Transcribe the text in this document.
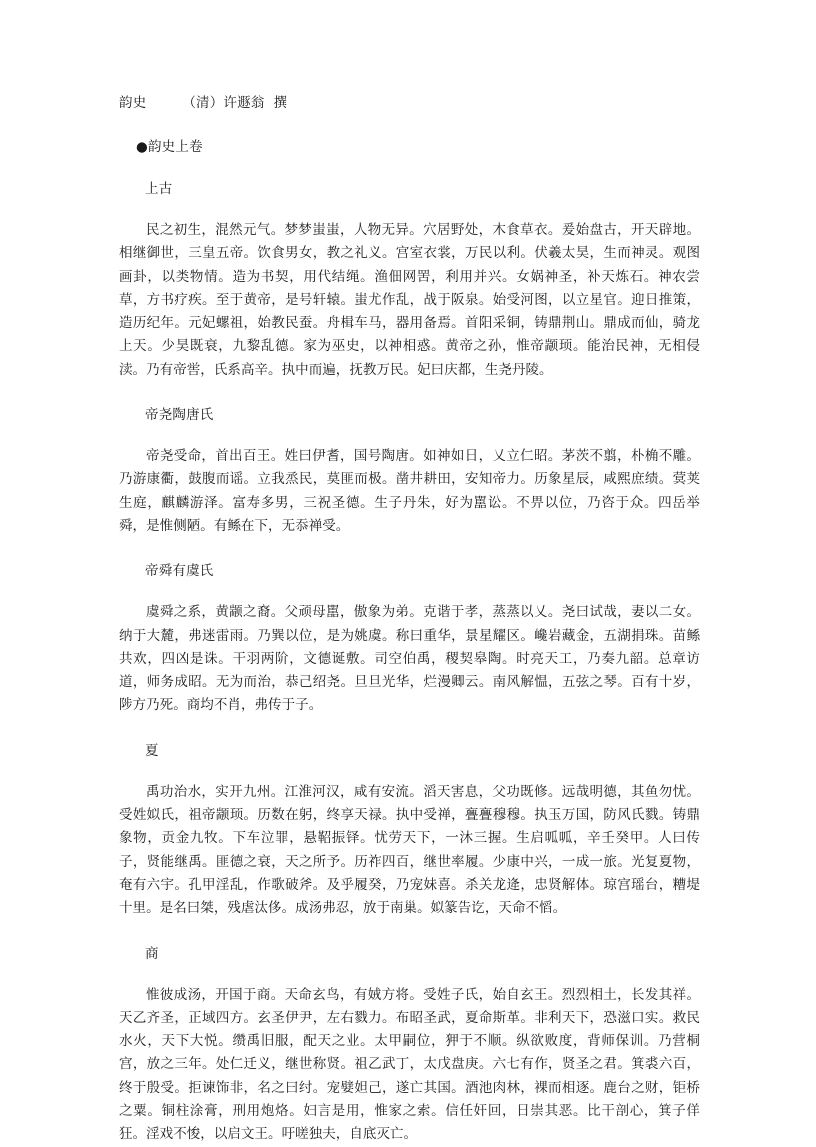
韵史        （清）许遯翁  撰
●韵史上卷
上古

民之初生，混然元气。梦梦蚩蚩，人物无异。穴居野处，木食草衣。爰始盘古，开天辟地。相继御世，三皇五帝。饮食男女，教之礼义。宫室衣裳，万民以利。伏羲太昊，生而神灵。观图画卦，以类物情。造为书契，用代结绳。渔佃网罟，利用并兴。女娲神圣，补天炼石。神农尝草，方书疗疾。至于黄帝，是号轩辕。蚩尤作乱，战于阪泉。始受河图，以立星官。迎日推策，造历纪年。元妃螺祖，始教民蚕。舟楫车马，器用备焉。首阳采铜，铸鼎荆山。鼎成而仙，骑龙上天。少昊既衰，九黎乱德。家为巫史，以神相惑。黄帝之孙，惟帝颛顼。能治民神，无相侵渎。乃有帝喾，氏系高辛。执中而遍，抚教万民。妃曰庆都，生尧丹陵。

帝尧陶唐氏

帝尧受命，首出百王。姓曰伊耆，国号陶唐。如神如日，乂立仁昭。茅茨不翦，朴桷不雕。乃游康衢，鼓腹而谣。立我烝民，莫匪而极。凿井耕田，安知帝力。历象星辰，咸熙庶绩。蓂荚生庭，麒麟游泽。富寿多男，三祝圣德。生子丹朱，好为嚚讼。不畀以位，乃咨于众。四岳举舜，是惟侧陋。有鲧在下，无忝禅受。

帝舜有虞氏

虞舜之系，黄颛之裔。父顽母嚚，傲象为弟。克谐于孝，蒸蒸以乂。尧曰试哉，妻以二女。纳于大麓，弗迷雷雨。乃巽以位，是为姚虞。称曰重华，景星耀区。巉岩藏金，五湖捐珠。苗鲧共欢，四凶是诛。干羽两阶，文德诞敷。司空伯禹，稷契皋陶。时亮天工，乃奏九韶。总章访道，师务成昭。无为而治，恭己绍尧。旦旦光华，烂漫卿云。南风解愠，五弦之琴。百有十岁，陟方乃死。商均不肖，弗传于子。

夏

禹功治水，实开九州。江淮河汉，咸有安流。滔天害息，父功既修。远哉明德，其鱼勿忧。受姓姒氏，祖帝颛顼。历数在躬，终享天禄。执中受禅，亹亹穆穆。执玉万国，防风氏戮。铸鼎象物，贡金九牧。下车泣罪，悬鞀振铎。忧劳天下，一沐三握。生启呱呱，辛壬癸甲。人曰传子，贤能继禹。匪德之衰，天之所予。历祚四百，继世率履。少康中兴，一成一旅。光复夏物，奄有六宇。孔甲淫乱，作歌破斧。及乎履癸，乃宠妹喜。杀关龙逄，忠贤解体。琼宫瑶台，糟堤十里。是名曰桀，残虐汰侈。成汤弗忍，放于南巢。姒篆告讫，天命不慆。

商

惟彼成汤，开国于商。天命玄鸟，有娀方将。受姓子氏，始自玄王。烈烈相土，长发其祥。天乙齐圣，正域四方。玄圣伊尹，左右戮力。布昭圣武，夏命斯革。非利天下，恐滋口实。救民水火，天下大悦。缵禹旧服，配天之业。太甲嗣位，狎于不顺。纵欲败度，背师保训。乃营桐宫，放之三年。处仁迁义，继世称贤。祖乙武丁，太戊盘庚。六七有作，贤圣之君。箕裘六百，终于殷受。拒谏饰非，名之曰纣。宠嬖妲己，遂亡其国。酒池肉林，裸而相逐。鹿台之财，钜桥之粟。铜柱涂膏，刑用炮烙。妇言是用，惟家之索。信任奸回，日崇其恶。比干剖心，箕子佯狂。淫戏不悛，以启文王。吁嗟独夫，自底灭亡。
